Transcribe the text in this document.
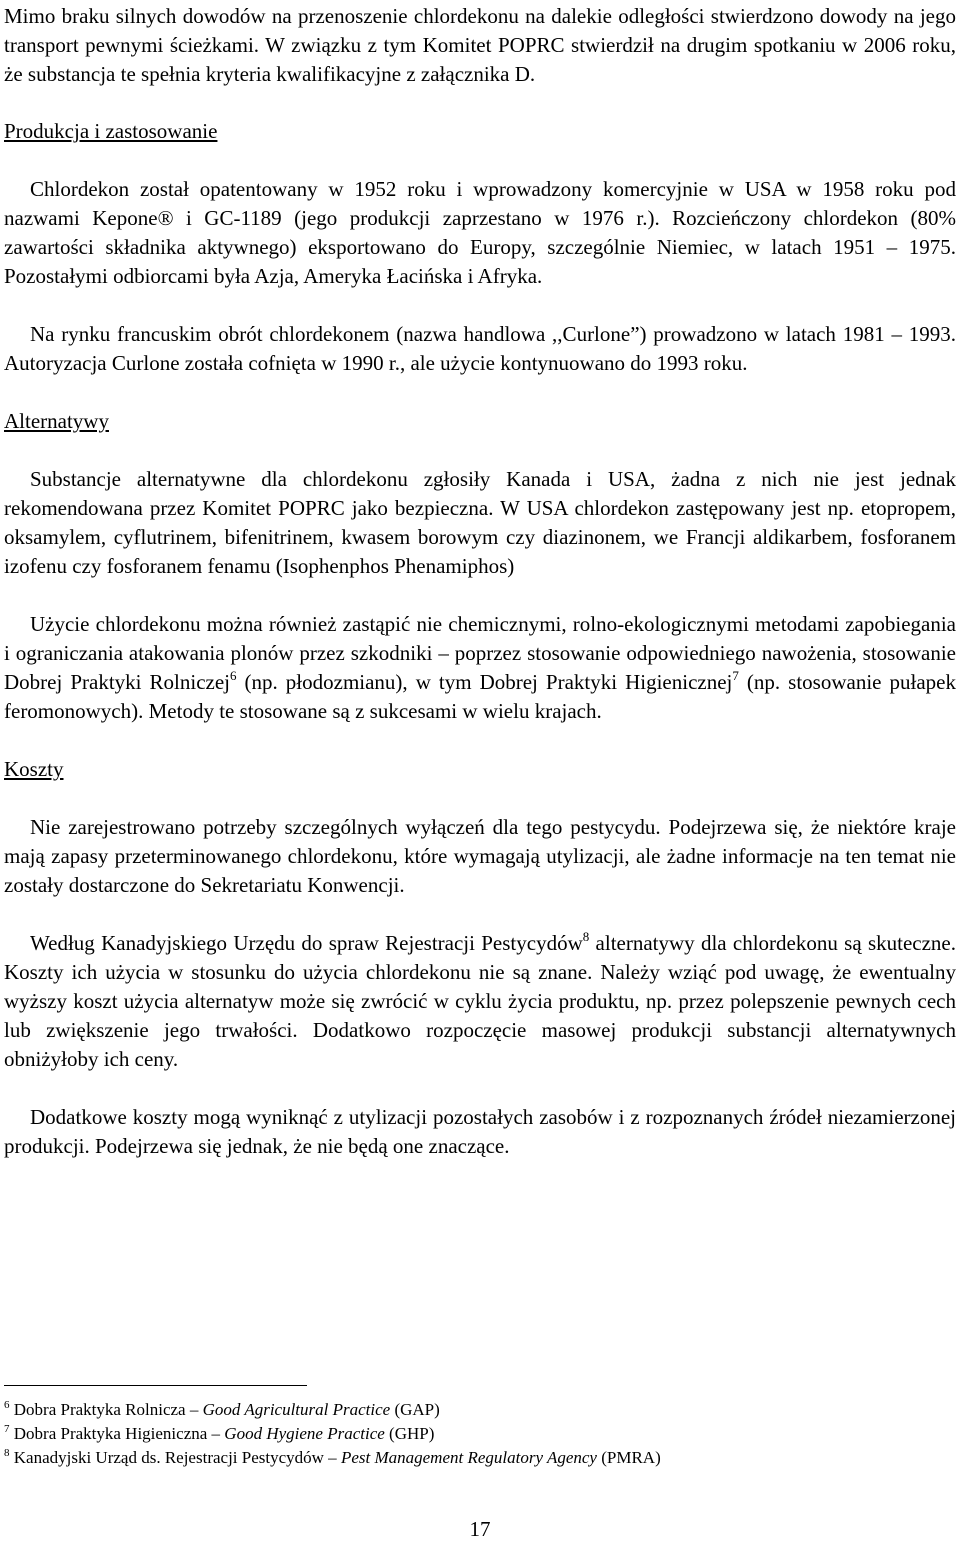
Mimo braku silnych dowodów na przenoszenie chlordekonu na dalekie odległości stwierdzono dowody na jego transport pewnymi ścieżkami. W związku z tym Komitet POPRC stwierdził na drugim spotkaniu w 2006 roku, że substancja te spełnia kryteria kwalifikacyjne z załącznika D.

Produkcja i zastosowanie

Chlordekon został opatentowany w 1952 roku i wprowadzony komercyjnie w USA w 1958 roku pod nazwami Kepone® i GC-1189 (jego produkcji zaprzestano w 1976 r.). Rozcieńczony chlordekon (80% zawartości składnika aktywnego) eksportowano do Europy, szczególnie Niemiec, w latach 1951 – 1975. Pozostałymi odbiorcami była Azja, Ameryka Łacińska i Afryka.

Na rynku francuskim obrót chlordekonem (nazwa handlowa ,,Curlone”) prowadzono w latach 1981 – 1993. Autoryzacja Curlone została cofnięta w 1990 r., ale użycie kontynuowano do 1993 roku.

Alternatywy

Substancje alternatywne dla chlordekonu zgłosiły Kanada i USA, żadna z nich nie jest jednak rekomendowana przez Komitet POPRC jako bezpieczna. W USA chlordekon zastępowany jest np. etopropem, oksamylem, cyflutrinem, bifenitrinem, kwasem borowym czy diazinonem, we Francji aldikarbem, fosforanem izofenu czy fosforanem fenamu (Isophenphos Phenamiphos)

Użycie chlordekonu można również zastąpić nie chemicznymi, rolno-ekologicznymi metodami zapobiegania i ograniczania atakowania plonów przez szkodniki – poprzez stosowanie odpowiedniego nawożenia, stosowanie Dobrej Praktyki Rolniczej$^6$ (np. płodozmianu), w tym Dobrej Praktyki Higienicznej$^7$ (np. stosowanie pułapek feromonowych). Metody te stosowane są z sukcesami w wielu krajach.

Koszty

Nie zarejestrowano potrzeby szczególnych wyłączeń dla tego pestycydu. Podejrzewa się, że niektóre kraje mają zapasy przeterminowanego chlordekonu, które wymagają utylizacji, ale żadne informacje na ten temat nie zostały dostarczone do Sekretariatu Konwencji.

Według Kanadyjskiego Urzędu do spraw Rejestracji Pestycydów$^8$ alternatywy dla chlordekonu są skuteczne. Koszty ich użycia w stosunku do użycia chlordekonu nie są znane. Należy wziąć pod uwagę, że ewentualny wyższy koszt użycia alternatyw może się zwrócić w cyklu życia produktu, np. przez polepszenie pewnych cech lub zwiększenie jego trwałości. Dodatkowo rozpoczęcie masowej produkcji substancji alternatywnych obniżyłoby ich ceny.

Dodatkowe koszty mogą wyniknąć z utylizacji pozostałych zasobów i z rozpoznanych źródeł niezamierzonej produkcji. Podejrzewa się jednak, że nie będą one znaczące.

$^6$ Dobra Praktyka Rolnicza – Good Agricultural Practice (GAP)
$^7$ Dobra Praktyka Higieniczna – Good Hygiene Practice (GHP)
$^8$ Kanadyjski Urząd ds. Rejestracji Pestycydów – Pest Management Regulatory Agency (PMRA)
17
